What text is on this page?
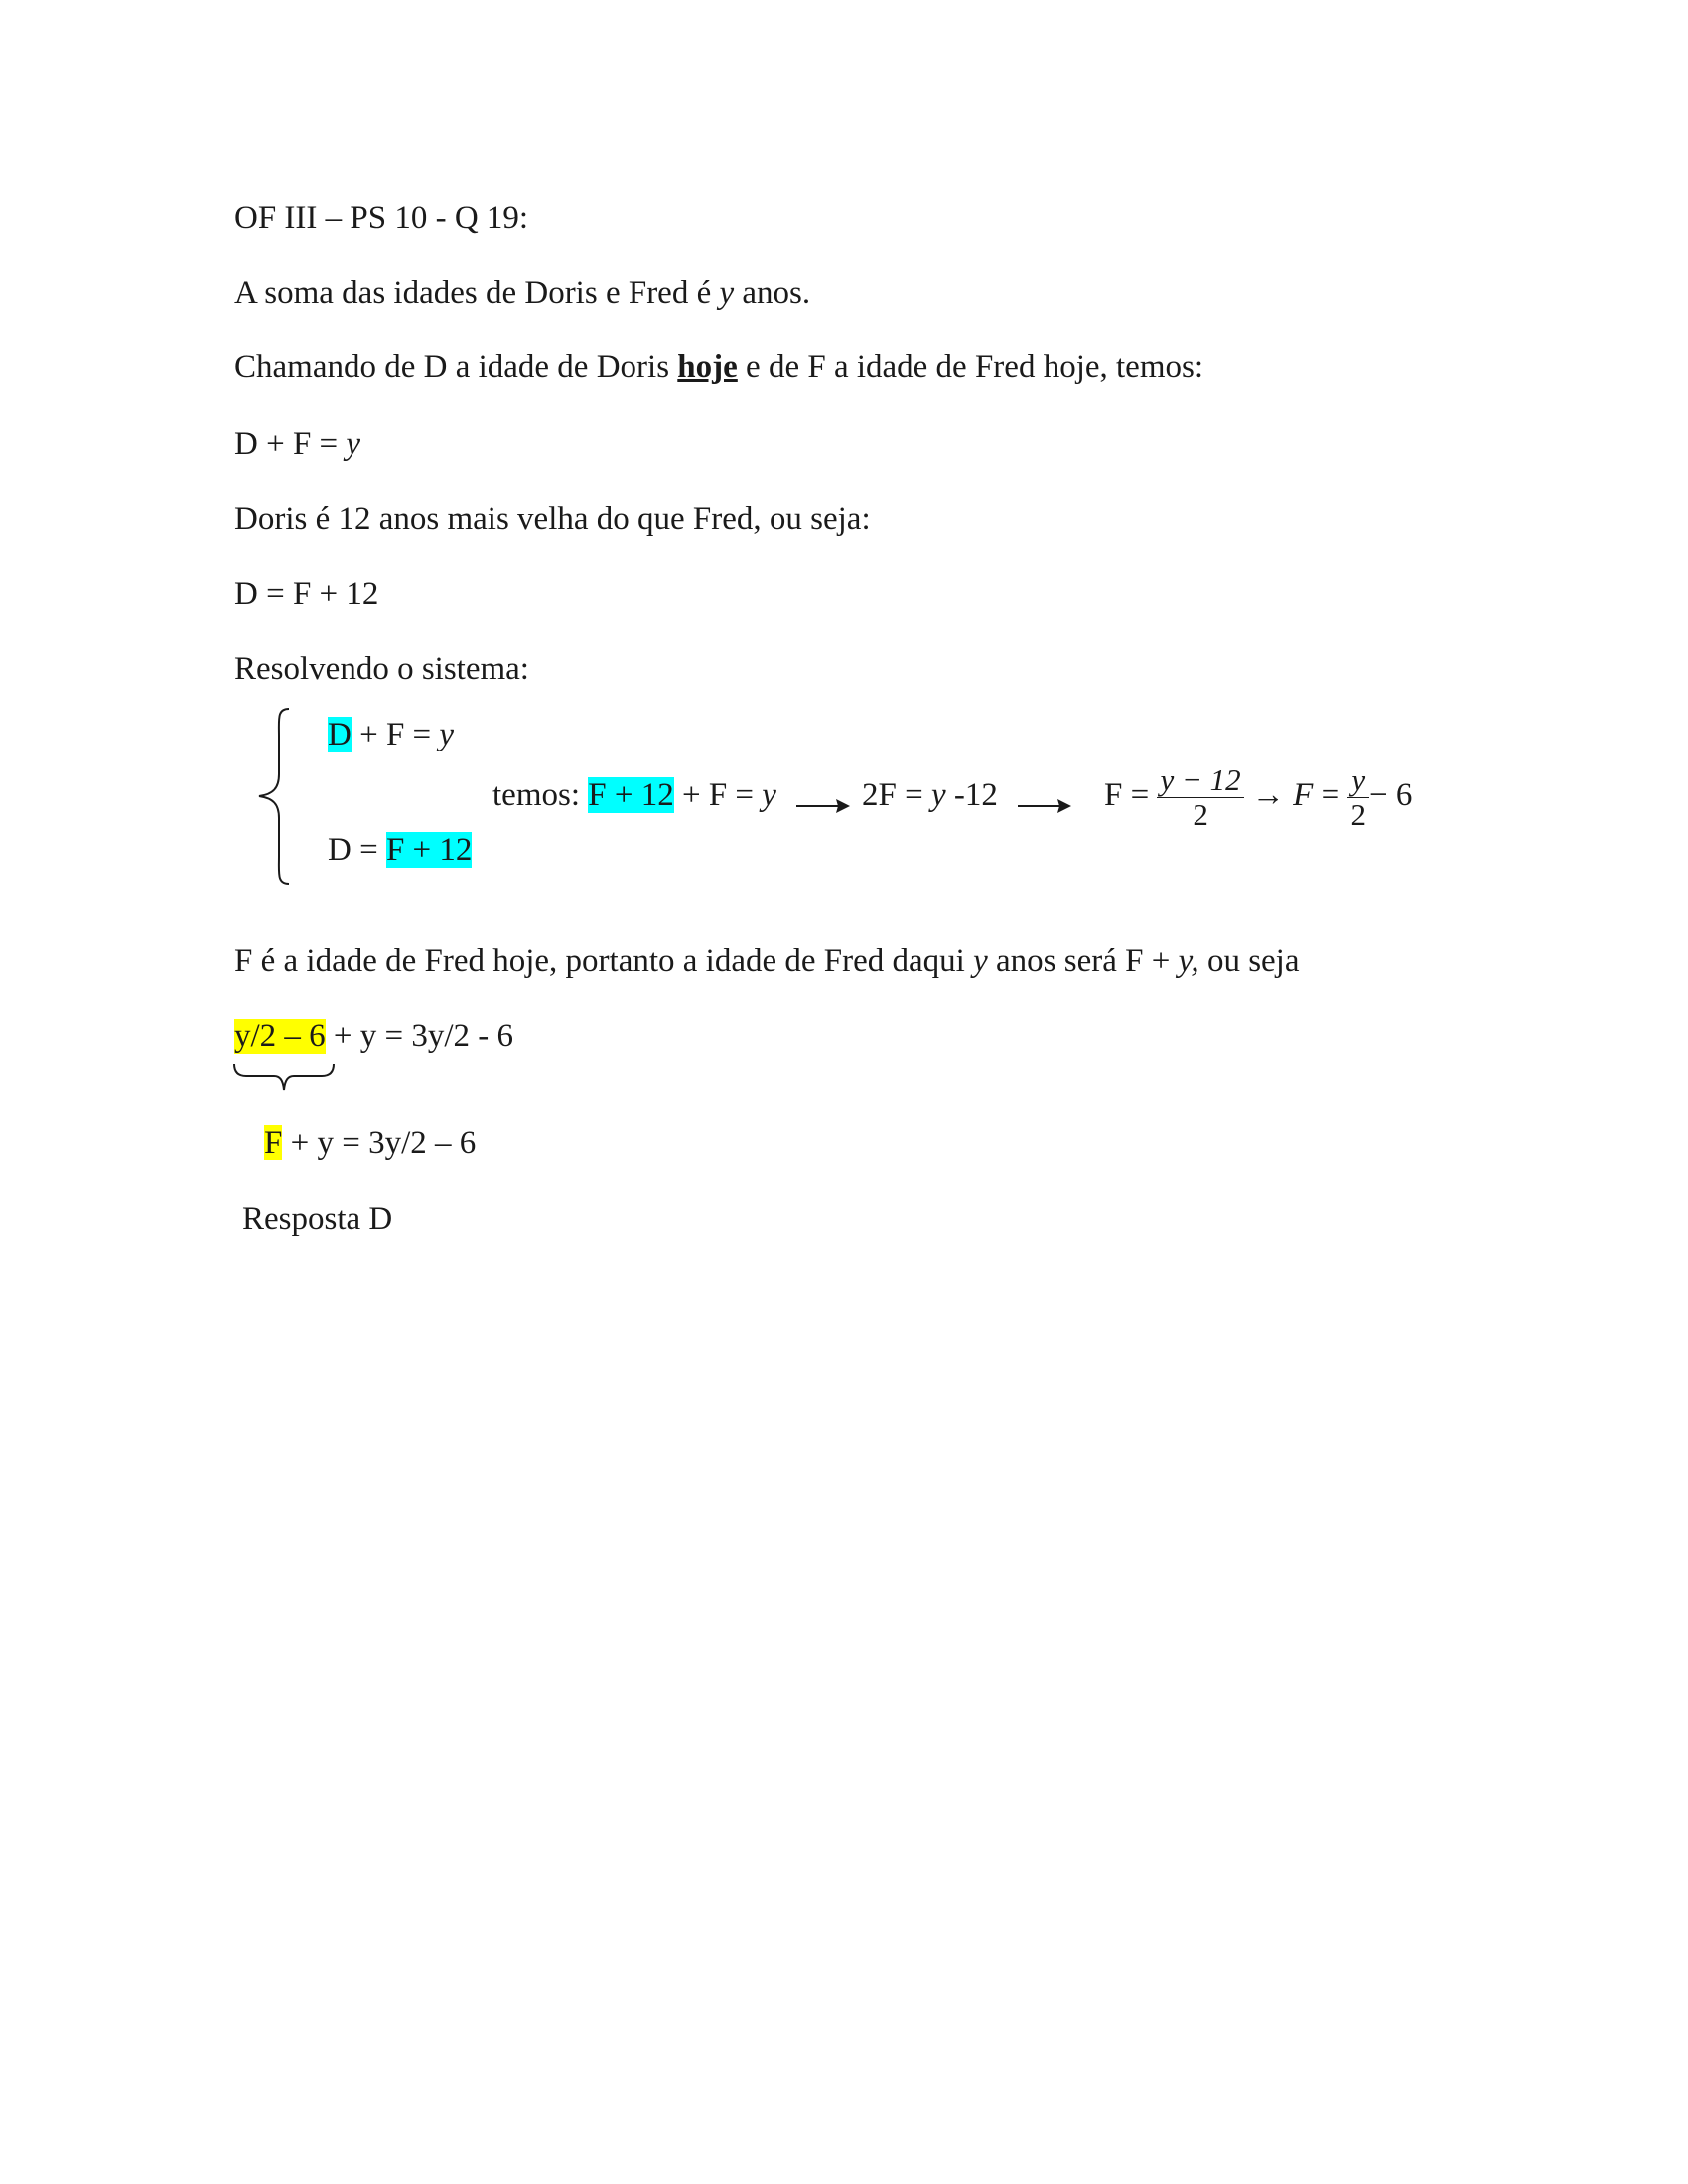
OF III – PS 10 - Q 19:
A soma das idades de Doris e Fred é y anos.
Chamando de D a idade de Doris hoje e de F a idade de Fred hoje, temos:
D + F = y
Doris é 12 anos mais velha do que Fred, ou seja:
D = F + 12
Resolvendo o sistema:
D + F = y
D = F + 12
temos: F + 12 + F = y	2F = y -12	$F = \frac{y - 12}{2} \to F = \frac{y}{2} - 6$
F é a idade de Fred hoje, portanto a idade de Fred daqui y anos será F + y, ou seja
y/2 – 6 + y = 3y/2 - 6
F + y = 3y/2 – 6
Resposta D
